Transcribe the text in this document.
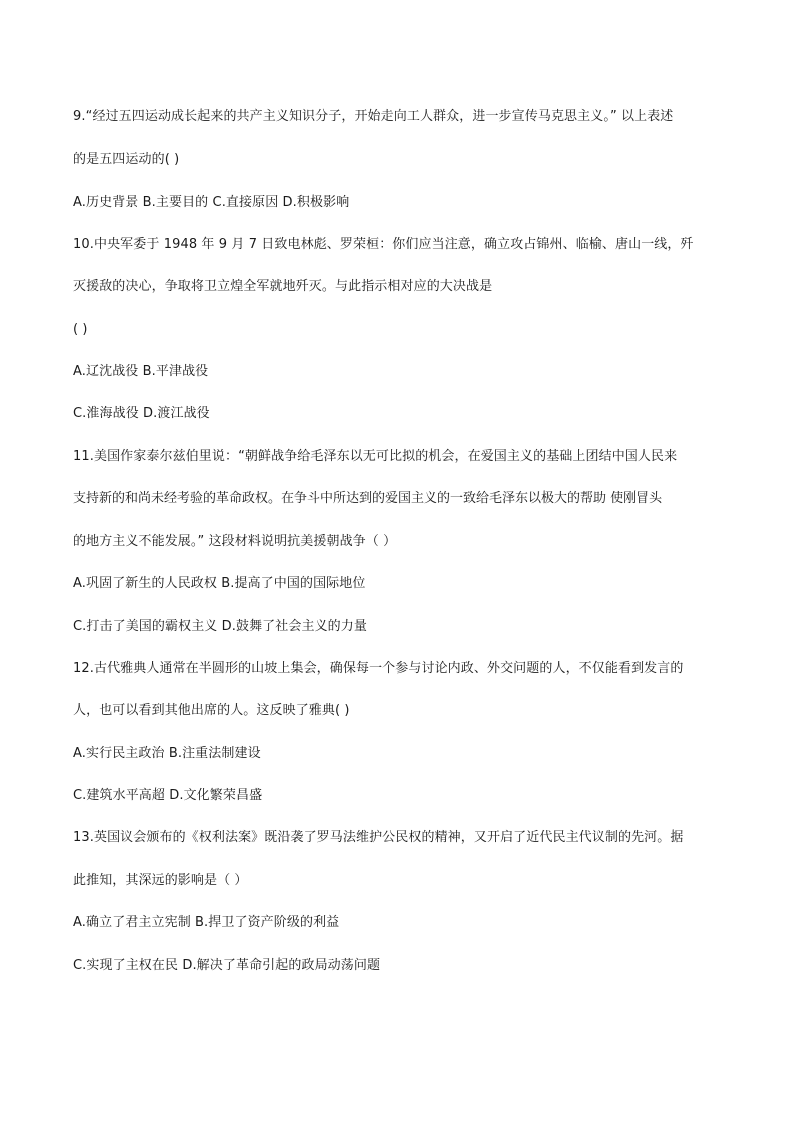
9.“经过五四运动成长起来的共产主义知识分子，开始走向工人群众，进一步宣传马克思主义。” 以上表述
的是五四运动的( )
A.历史背景 B.主要目的 C.直接原因 D.积极影响
10.中央军委于 1948 年 9 月 7 日致电林彪、罗荣桓：你们应当注意，确立攻占锦州、临榆、唐山一线，歼
灭援敌的决心，争取将卫立煌全军就地歼灭。与此指示相对应的大决战是
( )
A.辽沈战役 B.平津战役
C.淮海战役 D.渡江战役
11.美国作家泰尔兹伯里说：“朝鲜战争给毛泽东以无可比拟的机会，在爱国主义的基础上团结中国人民来
支持新的和尚未经考验的革命政权。在争斗中所达到的爱国主义的一致给毛泽东以极大的帮助 使刚冒头
的地方主义不能发展。” 这段材料说明抗美援朝战争（ ）
A.巩固了新生的人民政权 B.提高了中国的国际地位
C.打击了美国的霸权主义 D.鼓舞了社会主义的力量
12.古代雅典人通常在半圆形的山坡上集会，确保每一个参与讨论内政、外交问题的人，不仅能看到发言的
人，也可以看到其他出席的人。这反映了雅典( )
A.实行民主政治 B.注重法制建设
C.建筑水平高超 D.文化繁荣昌盛
13.英国议会颁布的《权利法案》既沿袭了罗马法维护公民权的精神，又开启了近代民主代议制的先河。据
此推知，其深远的影响是（ ）
A.确立了君主立宪制 B.捍卫了资产阶级的利益
C.实现了主权在民 D.解决了革命引起的政局动荡问题
